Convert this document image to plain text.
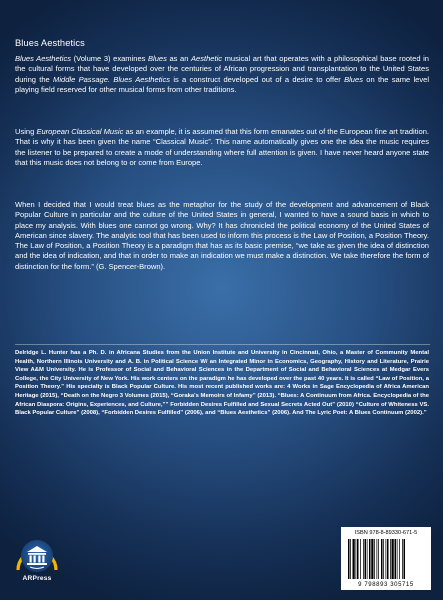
Blues Aesthetics
Blues Aesthetics (Volume 3) examines Blues as an Aesthetic musical art that operates with a philosophical base rooted in the cultural forms that have developed over the centuries of African progression and transplantation to the United States during the Middle Passage. Blues Aesthetics is a construct developed out of a desire to offer Blues on the same level playing field reserved for other musical forms from other traditions.
Using European Classical Music as an example, it is assumed that this form emanates out of the European fine art tradition. That is why it has been given the name “Classical Music”. This name automatically gives one the idea the music requires the listener to be prepared to create a mode of understanding where full attention is given. I have never heard anyone state that this music does not belong to or come from Europe.
When I decided that I would treat blues as the metaphor for the study of the development and advancement of Black Popular Culture in particular and the culture of the United States in general, I wanted to have a sound basis in which to place my analysis. With blues one cannot go wrong. Why? It has chronicled the political economy of the United States of American since slavery. The analytic tool that has been used to inform this process is the Law of Position, a Position Theory. The Law of Position, a Position Theory is a paradigm that has as its basic premise, “we take as given the idea of distinction and the idea of indication, and that in order to make an indication we must make a distinction. We take therefore the form of distinction for the form.” (G. Spencer-Brown).
Delridge L. Hunter has a Ph. D. in Africana Studies from the Union Institute and University in Cincinnati, Ohio, a Master of Community Mental Health, Northern Illinois University and A. B. in Political Science W/ an Integrated Minor in Economics, Geography, History and Literature, Prairie View A&M University. He is Professor of Social and Behavioral Sciences in the Department of Social and Behavioral Sciences at Medgar Evers College, the City University of New York. His work centers on the paradigm he has developed over the past 40 years. It is called “Law of Position, a Position Theory.” His specialty is Black Popular Culture. His most recent published works are: 4 Works in Sage Encyclopedia of Africa American Heritage (2015), “Death on the Negro 3 Volumes (2015), “Goraka's Memoirs of Infamy” (2013). “Blues: A Continuum from Africa. Encyclopedia of the African Diaspora: Origins, Experiences, and Culture,”” Forbidden Desires Fulfilled and Sexual Secrets Acted Out” (2010) “Culture of Whiteness VS. Black Popular Culture” (2008), “Forbidden Desires Fulfilled” (2006), and “Blues Aesthetics” (2006). And The Lyric Poet: A Blues Continuum (2002).”
ARPress
ISBN 978-8-89330-671-5
9 798893 305715
